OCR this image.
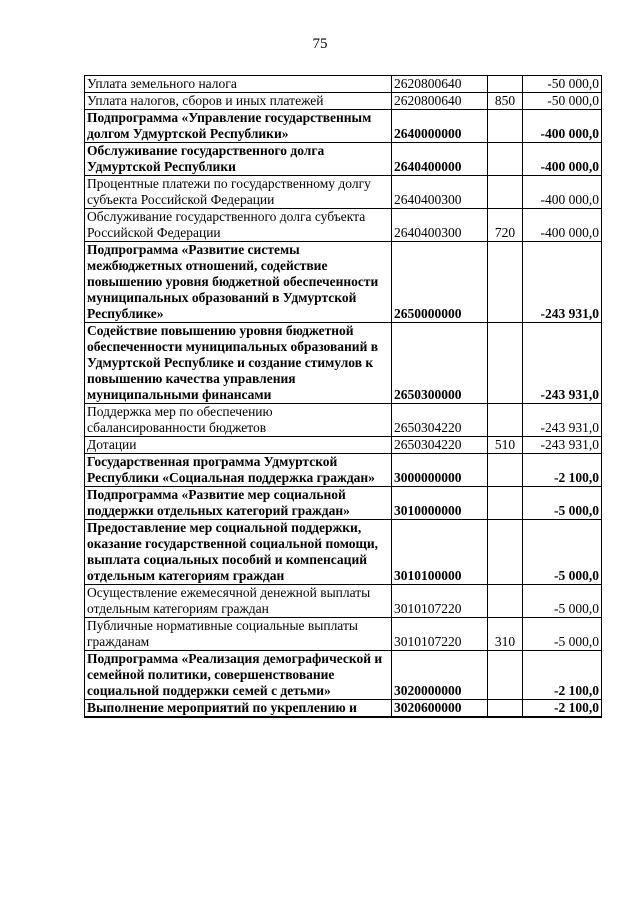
75
Уплата земельного налога	2620800640		-50 000,0
Уплата налогов, сборов и иных платежей	2620800640	850	-50 000,0
Подпрограмма «Управление государственным долгом Удмуртской Республики»	2640000000		-400 000,0
Обслуживание государственного долга Удмуртской Республики	2640400000		-400 000,0
Процентные платежи по государственному долгу субъекта Российской Федерации	2640400300		-400 000,0
Обслуживание государственного долга субъекта Российской Федерации	2640400300	720	-400 000,0
Подпрограмма «Развитие системы межбюджетных отношений, содействие повышению уровня бюджетной обеспеченности муниципальных образований в Удмуртской Республике»	2650000000		-243 931,0
Содействие повышению уровня бюджетной обеспеченности муниципальных образований в Удмуртской Республике и создание стимулов к повышению качества управления муниципальными финансами	2650300000		-243 931,0
Поддержка мер по обеспечению сбалансированности бюджетов	2650304220		-243 931,0
Дотации	2650304220	510	-243 931,0
Государственная программа Удмуртской Республики «Социальная поддержка граждан»	3000000000		-2 100,0
Подпрограмма «Развитие мер социальной поддержки отдельных категорий граждан»	3010000000		-5 000,0
Предоставление мер социальной поддержки, оказание государственной социальной помощи, выплата социальных пособий и компенсаций отдельным категориям граждан	3010100000		-5 000,0
Осуществление ежемесячной денежной выплаты отдельным категориям граждан	3010107220		-5 000,0
Публичные нормативные социальные выплаты гражданам	3010107220	310	-5 000,0
Подпрограмма «Реализация демографической и семейной политики, совершенствование социальной поддержки семей с детьми»	3020000000		-2 100,0
Выполнение мероприятий по укреплению и	3020600000		-2 100,0
